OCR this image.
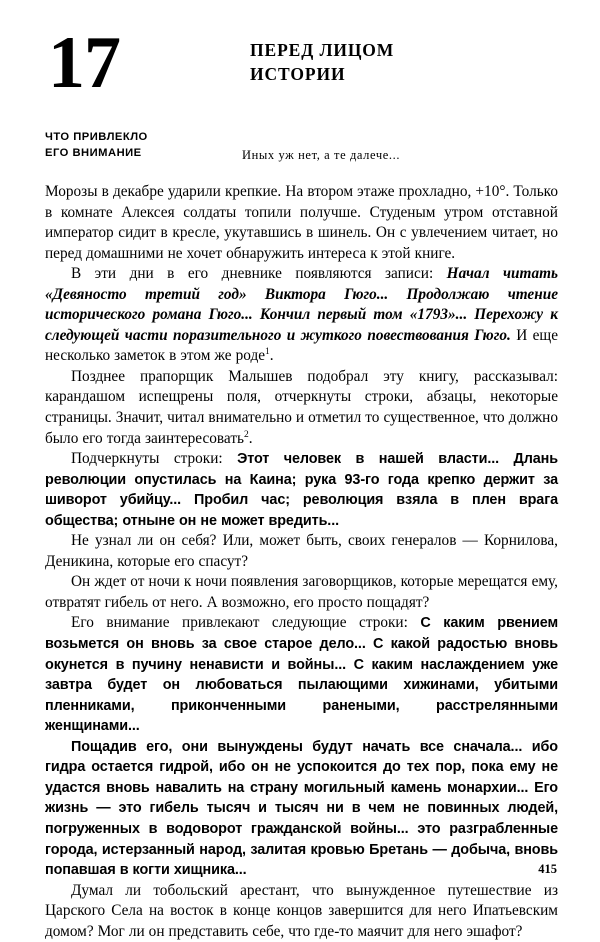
17	ПЕРЕД ЛИЦОМ
ИСТОРИИ
ЧТО ПРИВЛЕКЛО
ЕГО ВНИМАНИЕ	Иных уж нет, а те далече...

Морозы в декабре ударили крепкие. На втором этаже прохладно, +10°. Только в комнате Алексея солдаты топили получше. Студеным утром отставной император сидит в кресле, укутавшись в шинель. Он с увлечением читает, но перед домашними не хочет обнаружить интереса к этой книге.

В эти дни в его дневнике появляются записи: Начал читать «Девяносто третий год» Виктора Гюго... Продолжаю чтение исторического романа Гюго... Кончил первый том «1793»... Перехожу к следующей части поразительного и жуткого повествования Гюго. И еще несколько заметок в этом же роде$^1$.

Позднее прапорщик Малышев подобрал эту книгу, рассказывал: карандашом испещрены поля, отчеркнуты строки, абзацы, некоторые страницы. Значит, читал внимательно и отметил то существенное, что должно было его тогда заинтересовать$^2$.

Подчеркнуты строки: Этот человек в нашей власти... Длань революции опустилась на Каина; рука 93-го года крепко держит за шиворот убийцу... Пробил час; революция взяла в плен врага общества; отныне он не может вредить...

Не узнал ли он себя? Или, может быть, своих генералов — Корнилова, Деникина, которые его спасут?

Он ждет от ночи к ночи появления заговорщиков, которые мерещатся ему, отвратят гибель от него. А возможно, его просто пощадят?

Его внимание привлекают следующие строки: С каким рвением возьмется он вновь за свое старое дело... С какой радостью вновь окунется в пучину ненависти и войны... С каким наслаждением уже завтра будет он любоваться пылающими хижинами, убитыми пленниками, приконченными ранеными, расстрелянными женщинами...

Пощадив его, они вынуждены будут начать все сначала... ибо гидра остается гидрой, ибо он не успокоится до тех пор, пока ему не удастся вновь навалить на страну могильный камень монархии... Его жизнь — это гибель тысяч и тысяч ни в чем не повинных людей, погруженных в водоворот гражданской войны... это разграбленные города, истерзанный народ, залитая кровью Бретань — добыча, вновь попавшая в когти хищника...

Думал ли тобольский арестант, что вынужденное путешествие из Царского Села на восток в конце концов завершится для него Ипатьевским домом? Мог ли он представить себе, что где-то маячит для него эшафот?

415
